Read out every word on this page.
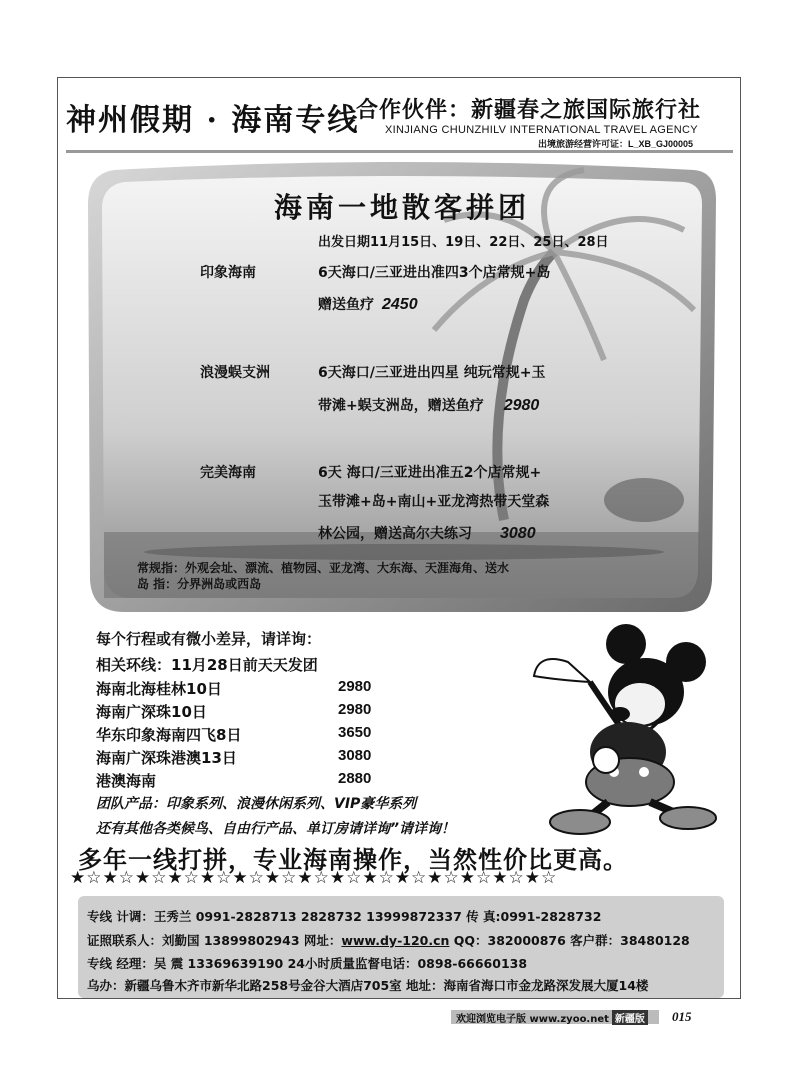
神州假期 · 海南专线
合作伙伴：新疆春之旅国际旅行社
XINJIANG CHUNZHILV INTERNATIONAL TRAVEL AGENCY
出境旅游经营许可证：L_XB_GJ00005
海南一地散客拼团
出发日期11月15日、19日、22日、25日、28日
印象海南	6天海口/三亚进出准四3个店常规+岛
赠送鱼疗 2450
浪漫蜈支洲	6天海口/三亚进出四星 纯玩常规+玉
带滩+蜈支洲岛，赠送鱼疗 2980
完美海南	6天 海口/三亚进出准五2个店常规+
玉带滩+岛+南山+亚龙湾热带天堂森
林公园，赠送高尔夫练习 3080
常规指：外观会址、漂流、植物园、亚龙湾、大东海、天涯海角、送水
岛 指：分界洲岛或西岛
每个行程或有微小差异，请详询：
相关环线：11月28日前天天发团
海南北海桂林10日	2980
海南广深珠10日	2980
华东印象海南四飞8日	3650
海南广深珠港澳13日	3080
港澳海南	2880
团队产品：印象系列、浪漫休闲系列、VIP豪华系列
还有其他各类候鸟、自由行产品、单订房请详询”请详询！
多年一线打拼，专业海南操作，当然性价比更高。
★☆★☆★☆★☆★☆★☆★☆★☆★☆★☆★☆★☆★☆★☆★☆
专线 计调：王秀兰 0991-2828713 2828732 13999872337 传 真:0991-2828732
证照联系人：刘勤国 13899802943 网址：www.dy-120.cn QQ：382000876 客户群：38480128
专线 经理：吴 震 13369639190 24小时质量监督电话：0898-66660138
乌办：新疆乌鲁木齐市新华北路258号金谷大酒店705室 地址：海南省海口市金龙路深发展大厦14楼
欢迎浏览电子版 www.zyoo.net 新疆版 015
